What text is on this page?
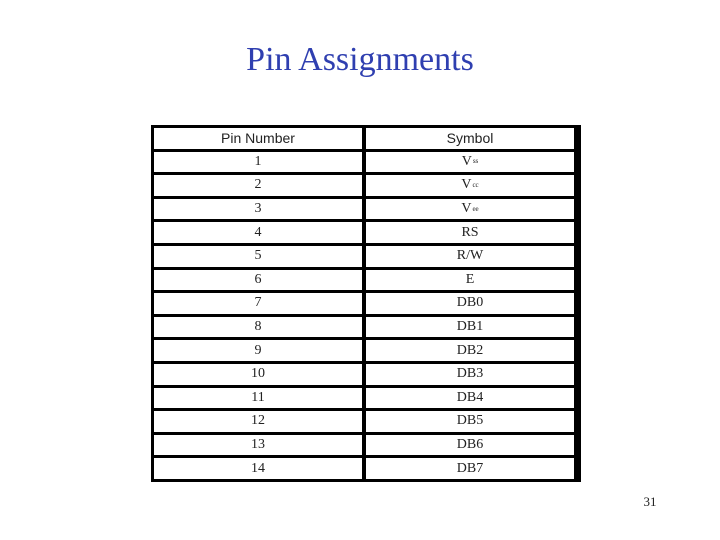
Pin Assignments
Pin Number	Symbol
1	V ss
2	V cc
3	V ee
4	RS
5	R/W
6	E
7	DB0
8	DB1
9	DB2
10	DB3
11	DB4
12	DB5
13	DB6
14	DB7
31
